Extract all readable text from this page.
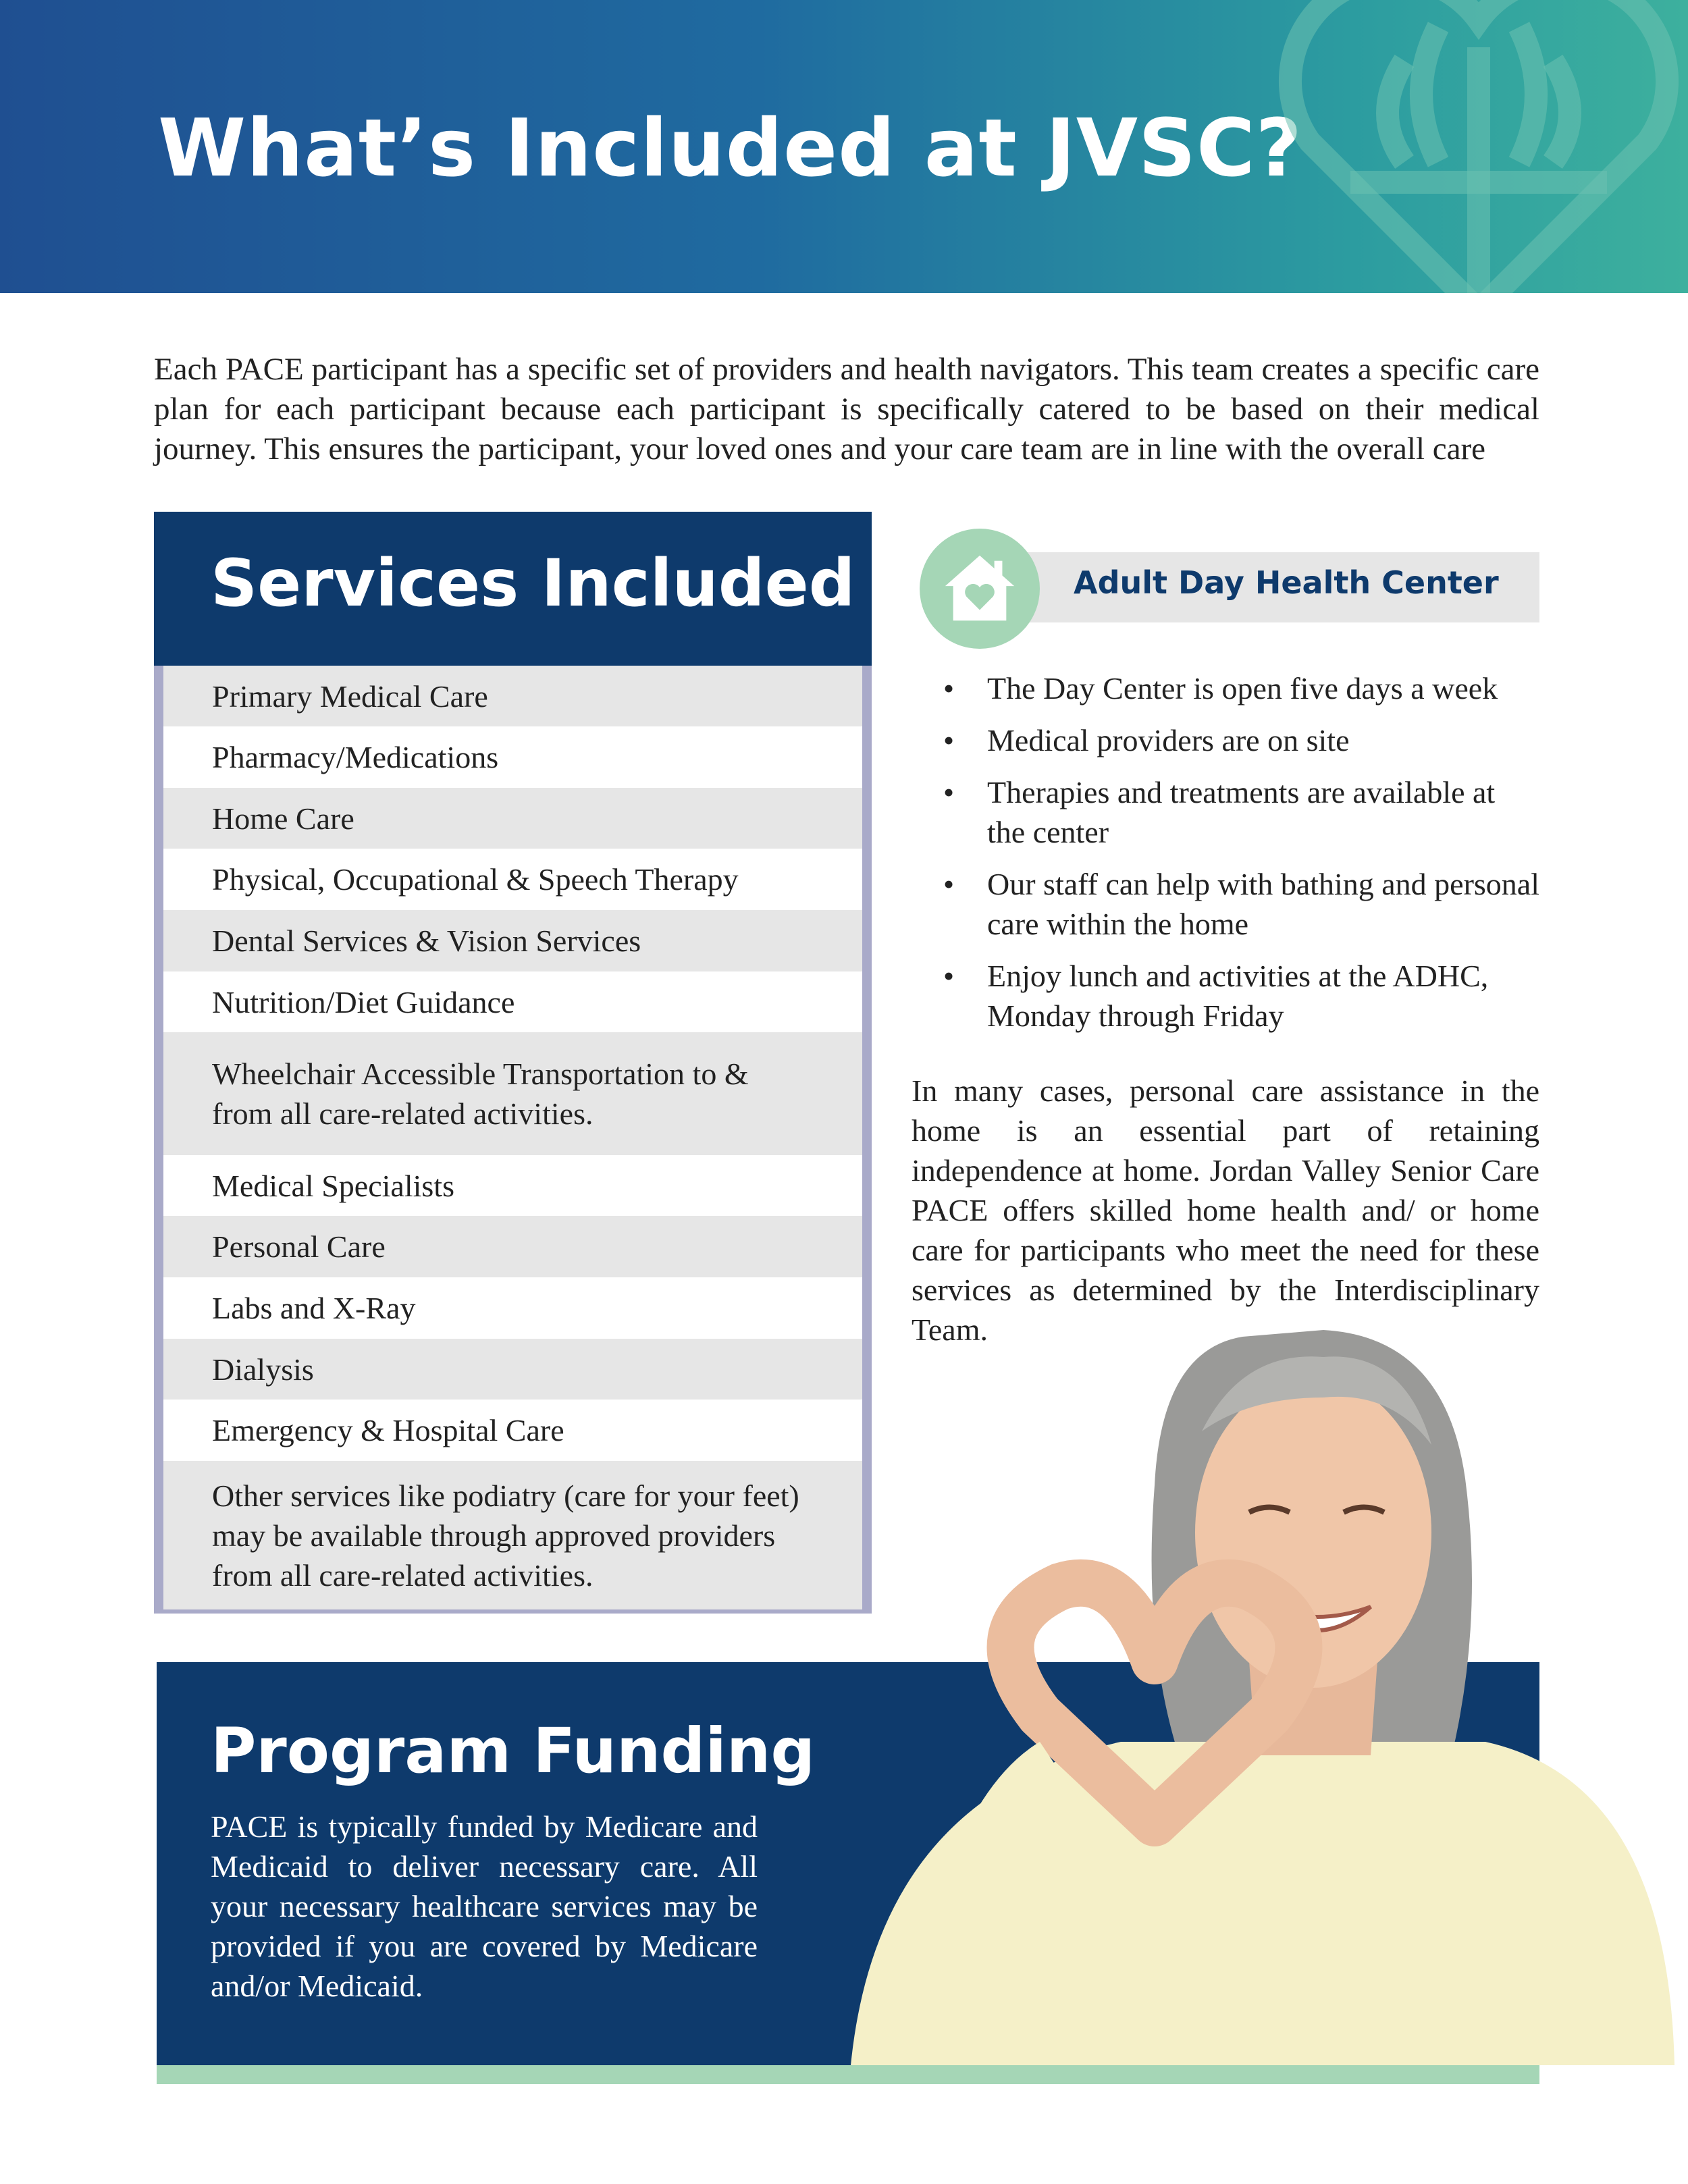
What’s Included at JVSC?
Each PACE participant has a specific set of providers and health navigators. This team creates a specific care plan for each participant because each participant is specifically catered to be based on their medical journey. This ensures the participant, your loved ones and your care team are in line with the overall care
Services Included
Primary Medical Care
Pharmacy/Medications
Home Care
Physical, Occupational & Speech Therapy
Dental Services & Vision Services
Nutrition/Diet Guidance
Wheelchair Accessible Transportation to & from all care-related activities.
Medical Specialists
Personal Care
Labs and X-Ray
Dialysis
Emergency & Hospital Care
Other services like podiatry (care for your feet) may be available through approved providers from all care-related activities.
Adult Day Health Center
• The Day Center is open five days a week
• Medical providers are on site
• Therapies and treatments are available at the center
• Our staff can help with bathing and personal care within the home
• Enjoy lunch and activities at the ADHC, Monday through Friday
In many cases, personal care assistance in the home is an essential part of retaining independence at home. Jordan Valley Senior Care PACE offers skilled home health and/ or home care for participants who meet the need for these services as determined by the Interdisciplinary Team.
Program Funding
PACE is typically funded by Medicare and Medicaid to deliver necessary care. All your necessary healthcare services may be provided if you are covered by Medicare and/or Medicaid.
